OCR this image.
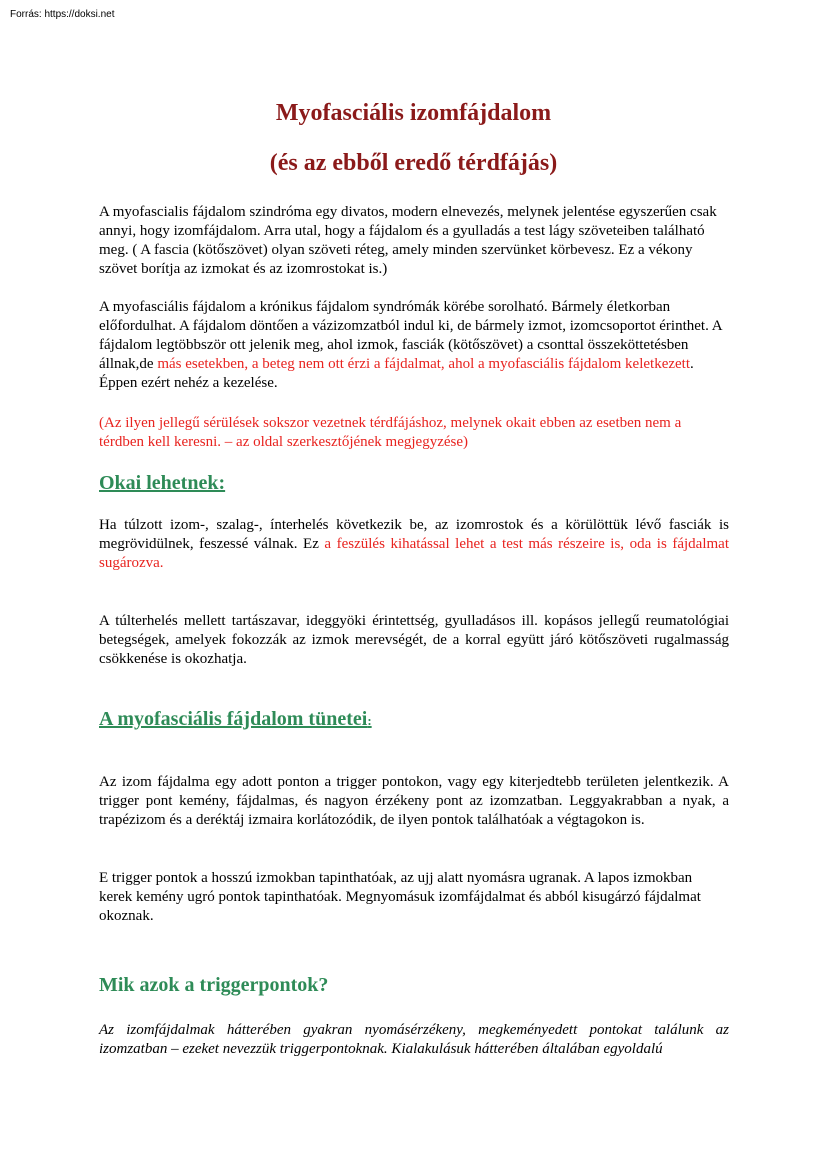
Forrás: https://doksi.net
Myofasciális izomfájdalom
(és az ebből eredő térdfájás)

A myofascialis fájdalom szindróma egy divatos, modern elnevezés, melynek jelentése egyszerűen csak annyi, hogy izomfájdalom. Arra utal, hogy a fájdalom és a gyulladás a test lágy szöveteiben található meg. ( A fascia (kötőszövet) olyan szöveti réteg, amely minden szervünket körbevesz. Ez a vékony szövet borítja az izmokat és az izomrostokat is.)

A myofasciális fájdalom a krónikus fájdalom syndrómák körébe sorolható. Bármely életkorban előfordulhat. A fájdalom döntően a vázizomzatból indul ki, de bármely izmot, izomcsoportot érinthet. A fájdalom legtöbbször ott jelenik meg, ahol izmok, fasciák (kötőszövet) a csonttal összeköttetésben állnak,de más esetekben, a beteg nem ott érzi a fájdalmat, ahol a myofasciális fájdalom keletkezett. Éppen ezért nehéz a kezelése.

(Az ilyen jellegű sérülések sokszor vezetnek térdfájáshoz, melynek okait ebben az esetben nem a térdben kell keresni. – az oldal szerkesztőjének megjegyzése)

Okai lehetnek:

Ha túlzott izom-, szalag-, ínterhelés következik be, az izomrostok és a körülöttük lévő fasciák is megrövidülnek, feszessé válnak. Ez a feszülés kihatással lehet a test más részeire is, oda is fájdalmat sugározva.

A túlterhelés mellett tartászavar, ideggyöki érintettség, gyulladásos ill. kopásos jellegű reumatológiai betegségek, amelyek fokozzák az izmok merevségét, de a korral együtt járó kötőszöveti rugalmasság csökkenése is okozhatja.

A myofasciális fájdalom tünetei:

Az izom fájdalma egy adott ponton a trigger pontokon, vagy egy kiterjedtebb területen jelentkezik. A trigger pont kemény, fájdalmas, és nagyon érzékeny pont az izomzatban. Leggyakrabban a nyak, a trapézizom és a deréktáj izmaira korlátozódik, de ilyen pontok találhatóak a végtagokon is.

E trigger pontok a hosszú izmokban tapinthatóak, az ujj alatt nyomásra ugranak. A lapos izmokban kerek kemény ugró pontok tapinthatóak. Megnyomásuk izomfájdalmat és abból kisugárzó fájdalmat okoznak.

Mik azok a triggerpontok?

Az izomfájdalmak hátterében gyakran nyomásérzékeny, megkeményedett pontokat találunk az izomzatban – ezeket nevezzük triggerpontoknak. Kialakulásuk hátterében általában egyoldalú
